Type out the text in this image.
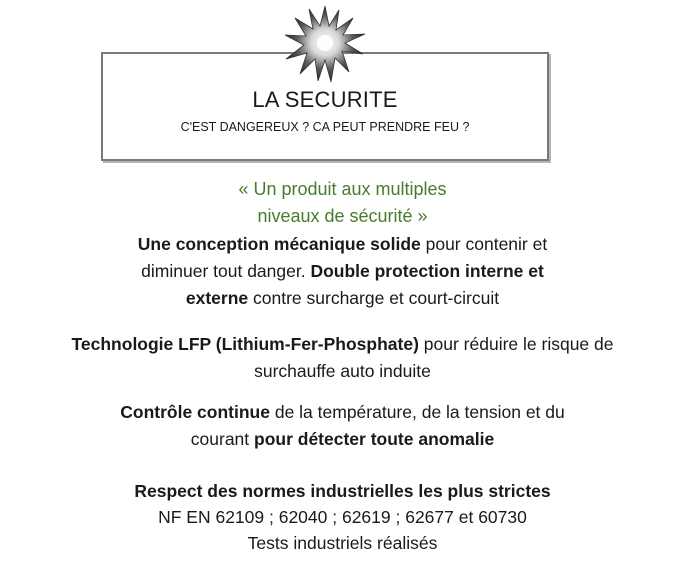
LA SECURITE
C'EST DANGEREUX ? CA PEUT PRENDRE FEU ?
« Un produit aux multiples
niveaux de sécurité »
Une conception mécanique solide pour contenir et
diminuer tout danger. Double protection interne et
externe contre surcharge et court-circuit
Technologie LFP (Lithium-Fer-Phosphate) pour réduire le risque de
surchauffe auto induite
Contrôle continue de la température, de la tension et du
courant pour détecter toute anomalie
Respect des normes industrielles les plus strictes
NF EN 62109 ; 62040 ; 62619 ; 62677 et 60730
Tests industriels réalisés
